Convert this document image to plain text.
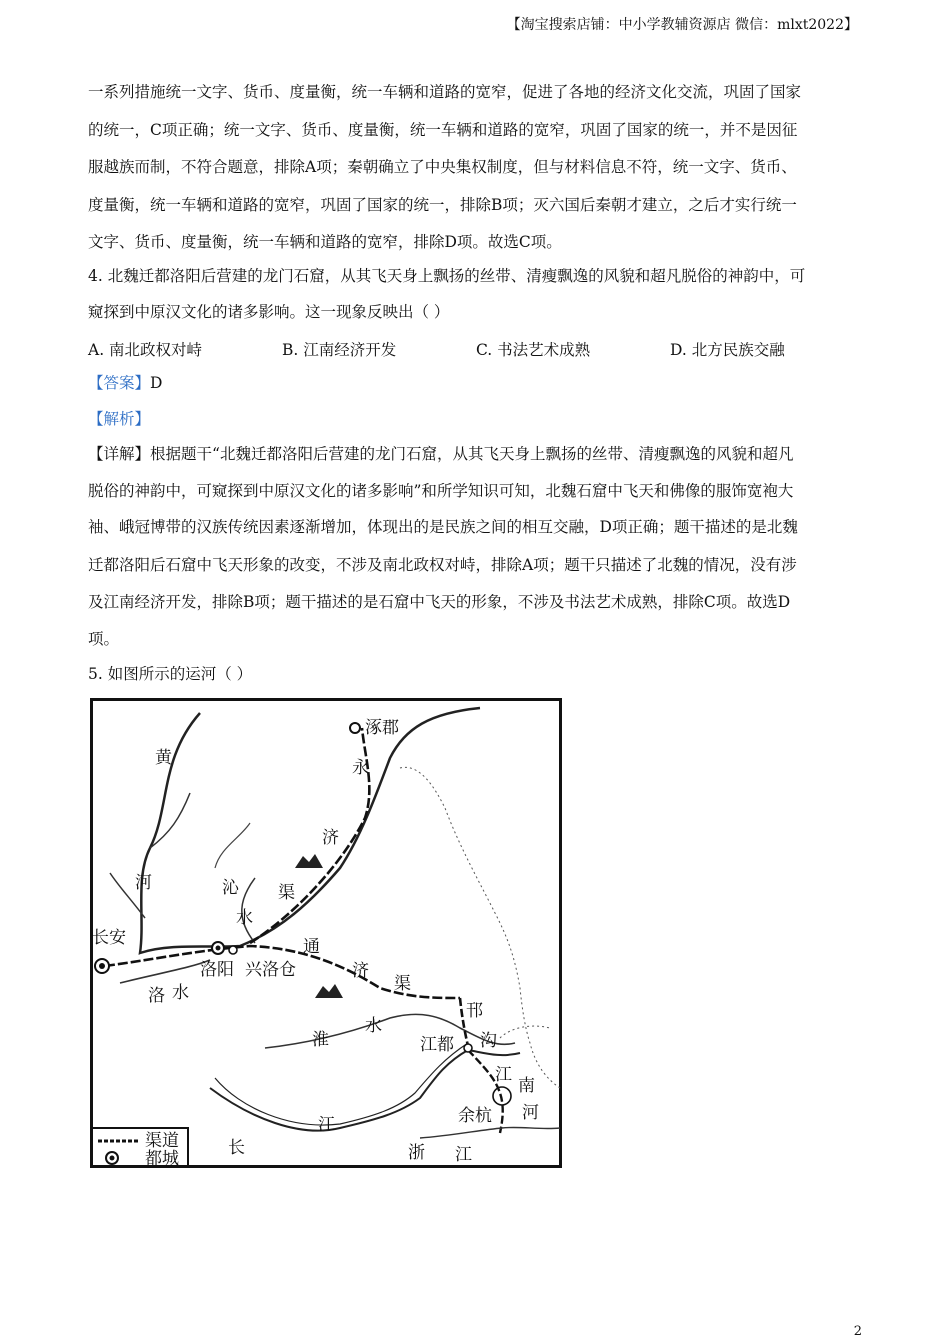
【淘宝搜索店铺：中小学教辅资源店 微信：mlxt2022】
一系列措施统一文字、货币、度量衡，统一车辆和道路的宽窄，促进了各地的经济文化交流，巩固了国家
的统一，C项正确；统一文字、货币、度量衡，统一车辆和道路的宽窄，巩固了国家的统一，并不是因征
服越族而制，不符合题意，排除A项；秦朝确立了中央集权制度，但与材料信息不符，统一文字、货币、
度量衡，统一车辆和道路的宽窄，巩固了国家的统一，排除B项；灭六国后秦朝才建立，之后才实行统一
文字、货币、度量衡，统一车辆和道路的宽窄，排除D项。故选C项。
4. 北魏迁都洛阳后营建的龙门石窟，从其飞天身上飘扬的丝带、清瘦飘逸的风貌和超凡脱俗的神韵中，可
窥探到中原汉文化的诸多影响。这一现象反映出（ ）
A. 南北政权对峙	B. 江南经济开发	C. 书法艺术成熟	D. 北方民族交融
【答案】D
【解析】
【详解】根据题干“北魏迁都洛阳后营建的龙门石窟，从其飞天身上飘扬的丝带、清瘦飘逸的风貌和超凡
脱俗的神韵中，可窥探到中原汉文化的诸多影响”和所学知识可知，北魏石窟中飞天和佛像的服饰宽袍大
袖、峨冠博带的汉族传统因素逐渐增加，体现出的是民族之间的相互交融，D项正确；题干描述的是北魏
迁都洛阳后石窟中飞天形象的改变，不涉及南北政权对峙，排除A项；题干只描述了北魏的情况，没有涉
及江南经济开发，排除B项；题干描述的是石窟中飞天的形象，不涉及书法艺术成熟，排除C项。故选D
项。
5. 如图所示的运河（ ）
涿郡
永
济
渠
黄
河	沁
水
长安
洛阳 兴洛仓
洛 水
通
济
渠
邗
沟
淮
水
江都
江
南
河
余杭
江
长	浙 江
渠道
都城
2
